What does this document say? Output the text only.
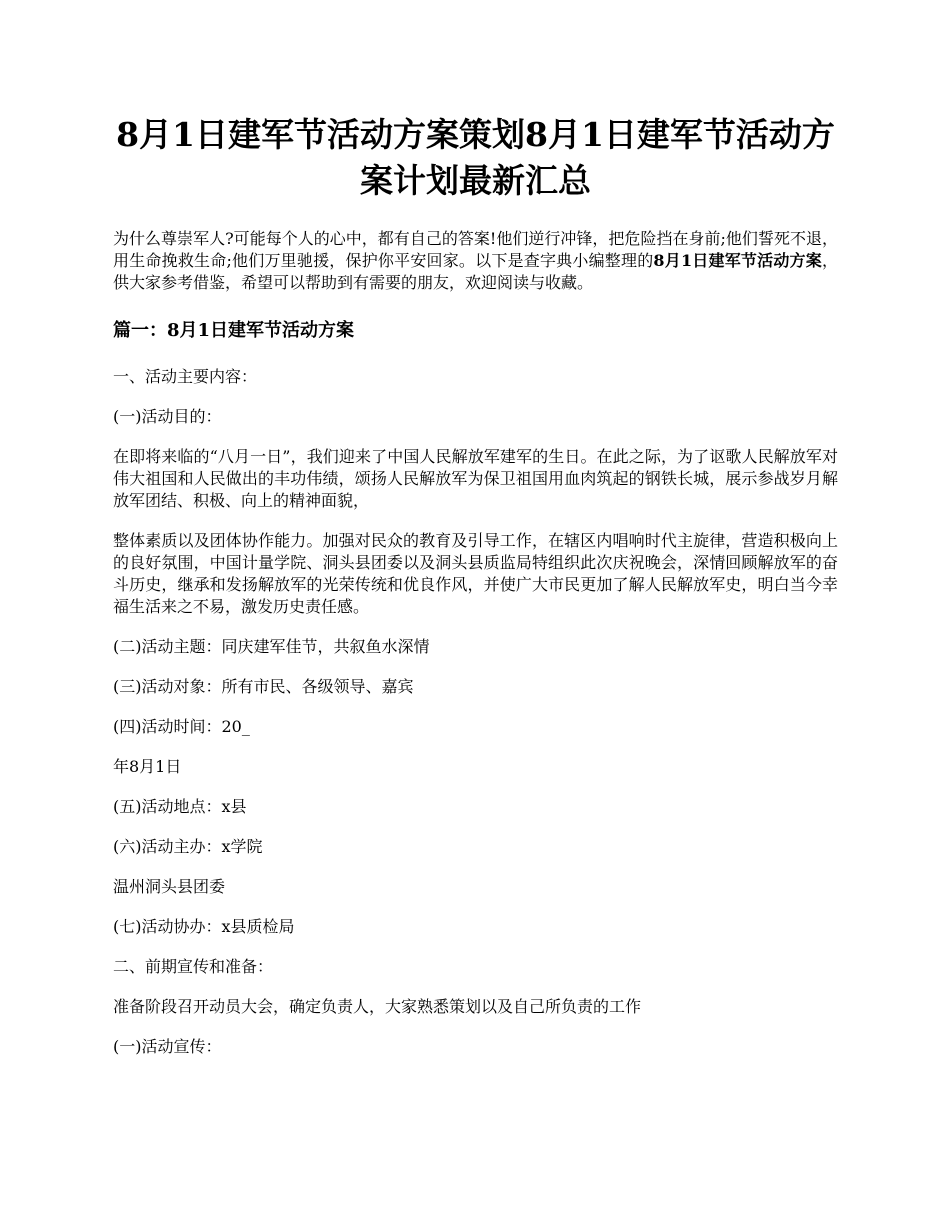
8月1日建军节活动方案策划8月1日建军节活动方案计划最新汇总

为什么尊崇军人?可能每个人的心中，都有自己的答案!他们逆行冲锋，把危险挡在身前;他们誓死不退，用生命挽救生命;他们万里驰援，保护你平安回家。以下是查字典小编整理的8月1日建军节活动方案，供大家参考借鉴，希望可以帮助到有需要的朋友，欢迎阅读与收藏。

篇一：8月1日建军节活动方案

一、活动主要内容：

(一)活动目的：

在即将来临的“八月一日”，我们迎来了中国人民解放军建军的生日。在此之际，为了讴歌人民解放军对伟大祖国和人民做出的丰功伟绩，颂扬人民解放军为保卫祖国用血肉筑起的钢铁长城，展示参战岁月解放军团结、积极、向上的精神面貌，

整体素质以及团体协作能力。加强对民众的教育及引导工作，在辖区内唱响时代主旋律，营造积极向上的良好氛围，中国计量学院、洞头县团委以及洞头县质监局特组织此次庆祝晚会，深情回顾解放军的奋斗历史，继承和发扬解放军的光荣传统和优良作风，并使广大市民更加了解人民解放军史，明白当今幸福生活来之不易，激发历史责任感。

(二)活动主题：同庆建军佳节，共叙鱼水深情

(三)活动对象：所有市民、各级领导、嘉宾

(四)活动时间：20_

年8月1日

(五)活动地点：x县

(六)活动主办：x学院

温州洞头县团委

(七)活动协办：x县质检局

二、前期宣传和准备：

准备阶段召开动员大会，确定负责人，大家熟悉策划以及自己所负责的工作

(一)活动宣传：
